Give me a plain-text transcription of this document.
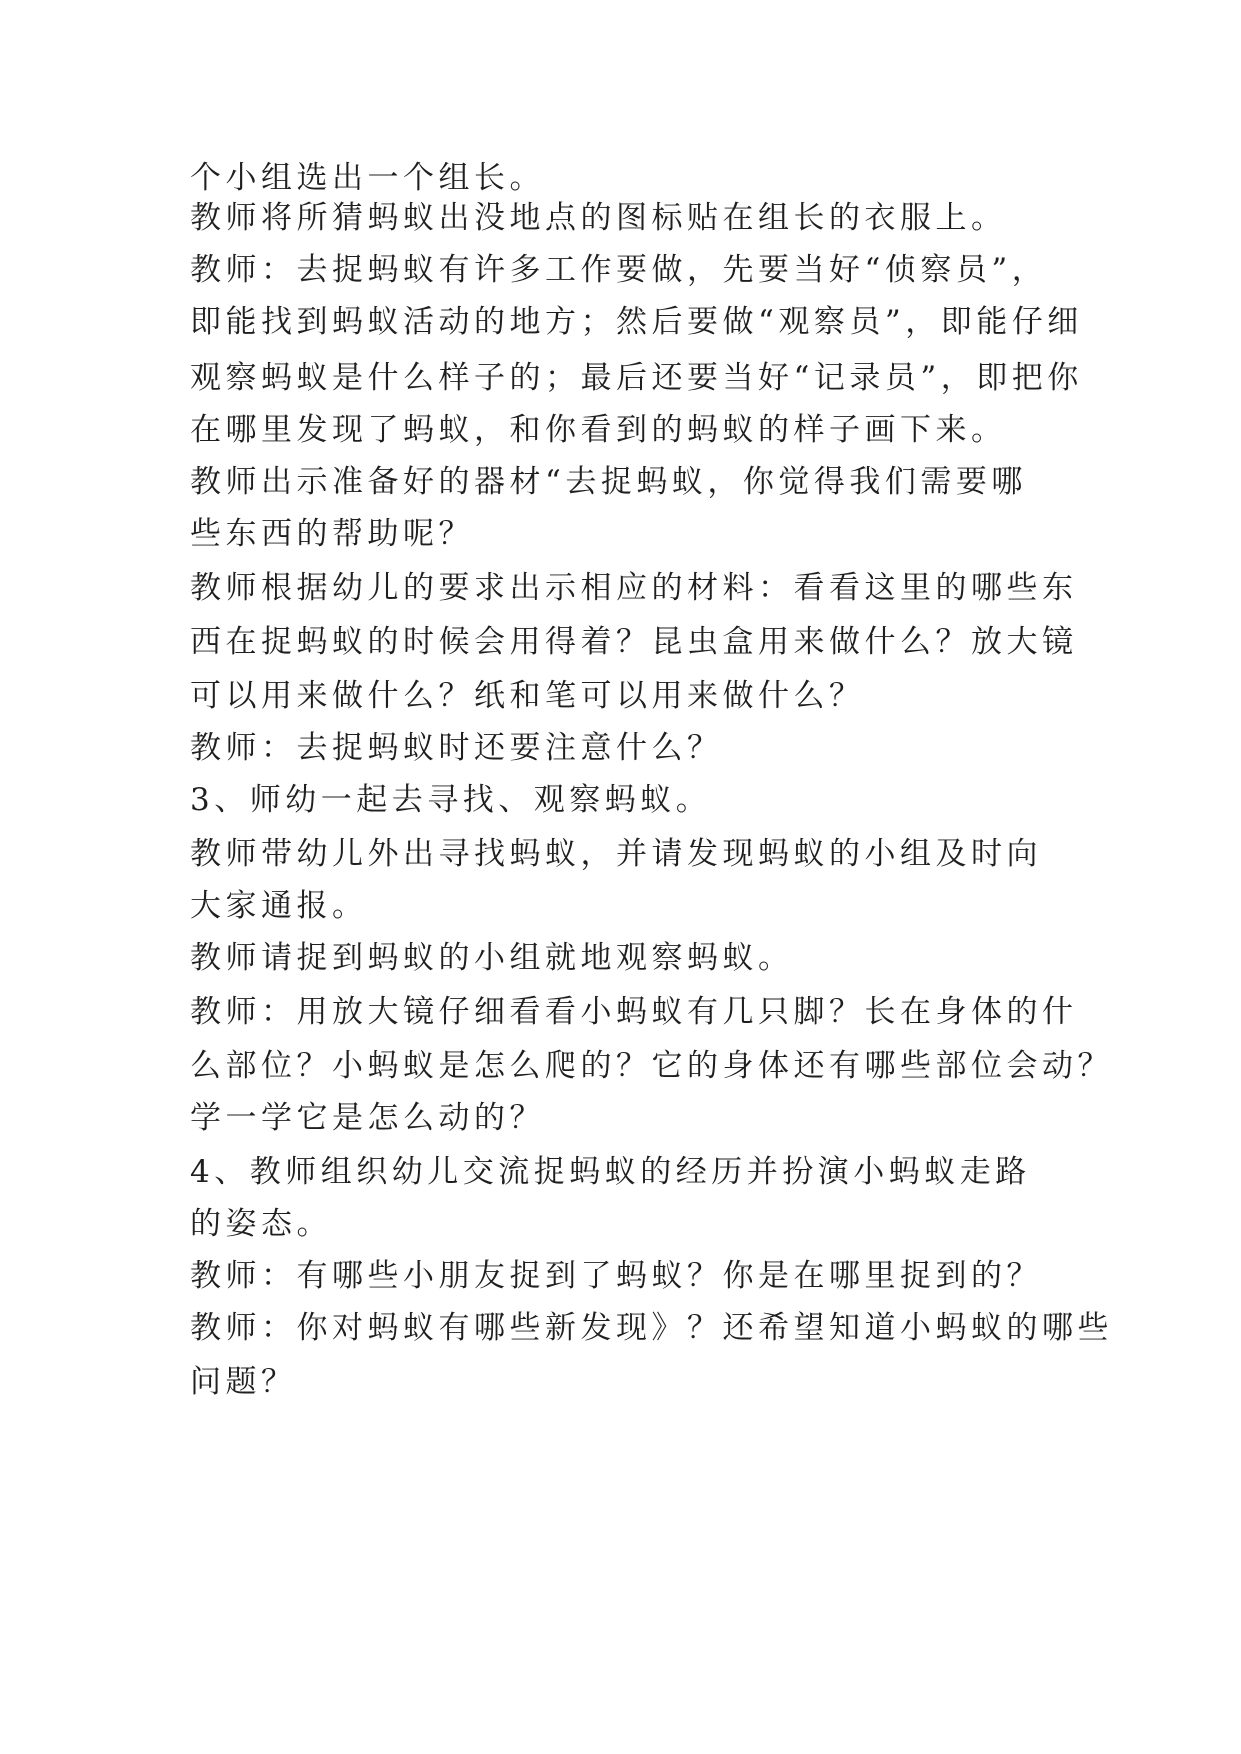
个小组选出一个组长。
教师将所猜蚂蚁出没地点的图标贴在组长的衣服上。
教师：去捉蚂蚁有许多工作要做，先要当好“侦察员”，
即能找到蚂蚁活动的地方；然后要做“观察员”，即能仔细
观察蚂蚁是什么样子的；最后还要当好“记录员”，即把你
在哪里发现了蚂蚁，和你看到的蚂蚁的样子画下来。
教师出示准备好的器材“去捉蚂蚁，你觉得我们需要哪
些东西的帮助呢？
教师根据幼儿的要求出示相应的材料：看看这里的哪些东
西在捉蚂蚁的时候会用得着？昆虫盒用来做什么？放大镜
可以用来做什么？纸和笔可以用来做什么？
教师：去捉蚂蚁时还要注意什么？
3、师幼一起去寻找、观察蚂蚁。
教师带幼儿外出寻找蚂蚁，并请发现蚂蚁的小组及时向
大家通报。
教师请捉到蚂蚁的小组就地观察蚂蚁。
教师：用放大镜仔细看看小蚂蚁有几只脚？长在身体的什
么部位？小蚂蚁是怎么爬的？它的身体还有哪些部位会动？
学一学它是怎么动的？
4、教师组织幼儿交流捉蚂蚁的经历并扮演小蚂蚁走路
的姿态。
教师：有哪些小朋友捉到了蚂蚁？你是在哪里捉到的？
教师：你对蚂蚁有哪些新发现》？还希望知道小蚂蚁的哪些
问题？
